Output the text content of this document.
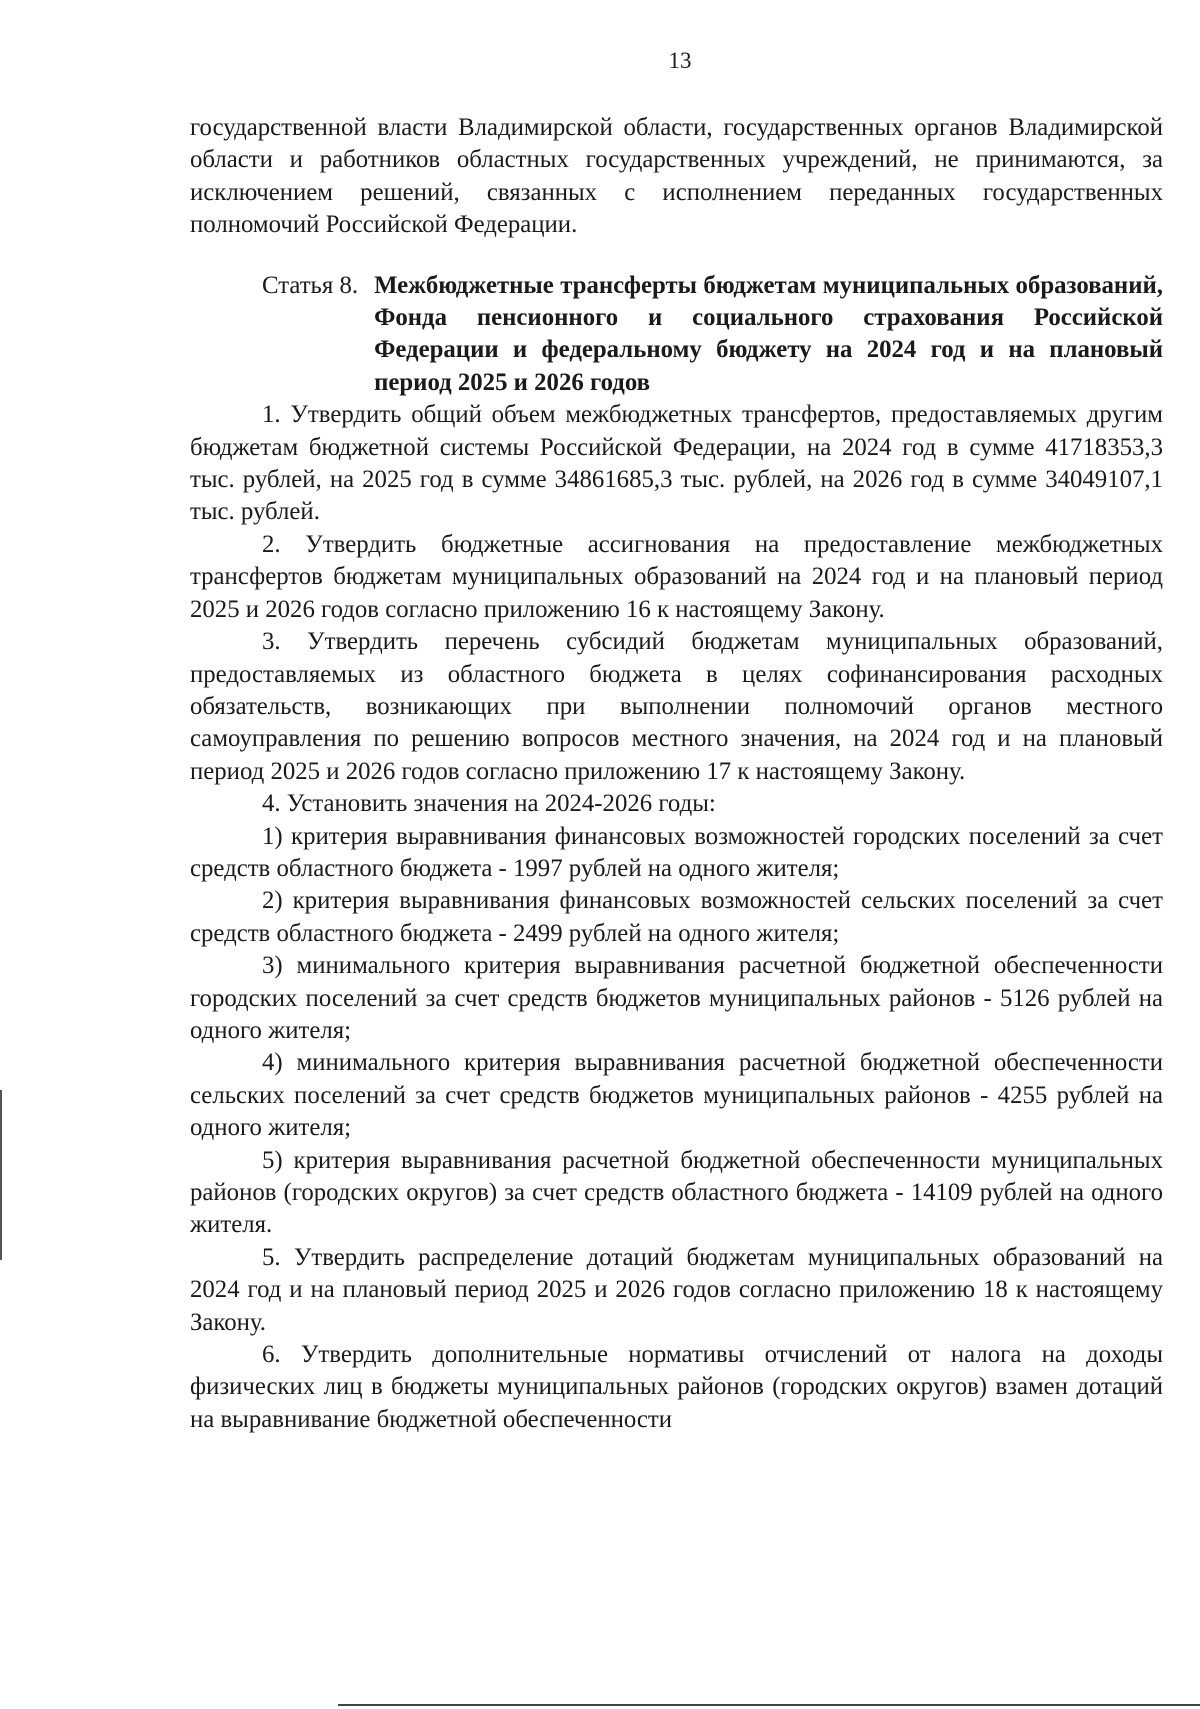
13

государственной власти Владимирской области, государственных органов Владимирской области и работников областных государственных учреждений, не принимаются, за исключением решений, связанных с исполнением переданных государственных полномочий Российской Федерации.

Статья 8. Межбюджетные трансферты бюджетам муниципальных образований, Фонда пенсионного и социального страхования Российской Федерации и федеральному бюджету на 2024 год и на плановый период 2025 и 2026 годов

1. Утвердить общий объем межбюджетных трансфертов, предоставляемых другим бюджетам бюджетной системы Российской Федерации, на 2024 год в сумме 41718353,3 тыс. рублей, на 2025 год в сумме 34861685,3 тыс. рублей, на 2026 год в сумме 34049107,1 тыс. рублей.

2. Утвердить бюджетные ассигнования на предоставление межбюджетных трансфертов бюджетам муниципальных образований на 2024 год и на плановый период 2025 и 2026 годов согласно приложению 16 к настоящему Закону.

3. Утвердить перечень субсидий бюджетам муниципальных образований, предоставляемых из областного бюджета в целях софинансирования расходных обязательств, возникающих при выполнении полномочий органов местного самоуправления по решению вопросов местного значения, на 2024 год и на плановый период 2025 и 2026 годов согласно приложению 17 к настоящему Закону.

4. Установить значения на 2024-2026 годы:

1) критерия выравнивания финансовых возможностей городских поселений за счет средств областного бюджета - 1997 рублей на одного жителя;

2) критерия выравнивания финансовых возможностей сельских поселений за счет средств областного бюджета - 2499 рублей на одного жителя;

3) минимального критерия выравнивания расчетной бюджетной обеспеченности городских поселений за счет средств бюджетов муниципальных районов - 5126 рублей на одного жителя;

4) минимального критерия выравнивания расчетной бюджетной обеспеченности сельских поселений за счет средств бюджетов муниципальных районов - 4255 рублей на одного жителя;

5) критерия выравнивания расчетной бюджетной обеспеченности муниципальных районов (городских округов) за счет средств областного бюджета - 14109 рублей на одного жителя.

5. Утвердить распределение дотаций бюджетам муниципальных образований на 2024 год и на плановый период 2025 и 2026 годов согласно приложению 18 к настоящему Закону.

6. Утвердить дополнительные нормативы отчислений от налога на доходы физических лиц в бюджеты муниципальных районов (городских округов) взамен дотаций на выравнивание бюджетной обеспеченности
